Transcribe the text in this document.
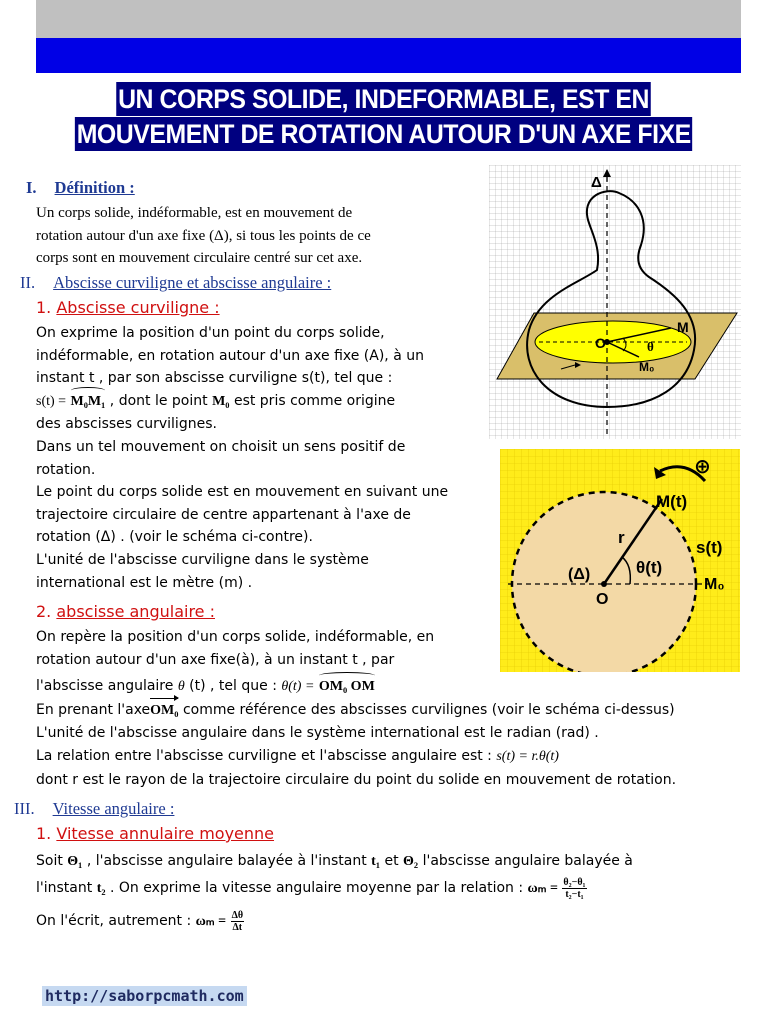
UN CORPS SOLIDE, INDEFORMABLE, EST EN
MOUVEMENT DE ROTATION AUTOUR D'UN AXE FIXE
I. Définition :
Un corps solide, indéformable, est en mouvement de
rotation autour d'un axe fixe (Δ), si tous les points de ce
corps sont en mouvement circulaire centré sur cet axe.
II. Abscisse curviligne et abscisse angulaire :
1. Abscisse curviligne :
On exprime la position d'un point du corps solide,
indéformable, en rotation autour d'un axe fixe (A), à un
instant t , par son abscisse curviligne s(t), tel que :
s(t) = M₀M₁ , dont le point M₀ est pris comme origine
des abscisses curvilignes.
Dans un tel mouvement on choisit un sens positif de
rotation.
Le point du corps solide est en mouvement en suivant une
trajectoire circulaire de centre appartenant à l'axe de
rotation (Δ) . (voir le schéma ci-contre).
L'unité de l'abscisse curviligne dans le système
international est le mètre (m) .
2. abscisse angulaire :
On repère la position d'un corps solide, indéformable, en
rotation autour d'un axe fixe(à), à un instant t , par
l'abscisse angulaire θ (t) , tel que : θ(t) = OM₀ OM
En prenant l'axeOM₀ comme référence des abscisses curvilignes (voir le schéma ci-dessus)
L'unité de l'abscisse angulaire dans le système international est le radian (rad) .
La relation entre l'abscisse curviligne et l'abscisse angulaire est : s(t) = r.θ(t)
dont r est le rayon de la trajectoire circulaire du point du solide en mouvement de rotation.
III. Vitesse angulaire :
1. Vitesse annulaire moyenne
Soit Θ₁ , l'abscisse angulaire balayée à l'instant t₁ et Θ₂ l'abscisse angulaire balayée à
l'instant t₂ . On exprime la vitesse angulaire moyenne par la relation : $\omega_m = \frac{\text{θ₂−θ₁}}{\text{t₂−t₁}}$
On l'écrit, autrement : $\omega_m = \frac{\Delta\theta}{\Delta t}$
Δ
M
O	θ
M₀
⊕
M(t)
r
s(t)
(Δ)	θ(t)
O
M₀
http://saborpcmath.com
